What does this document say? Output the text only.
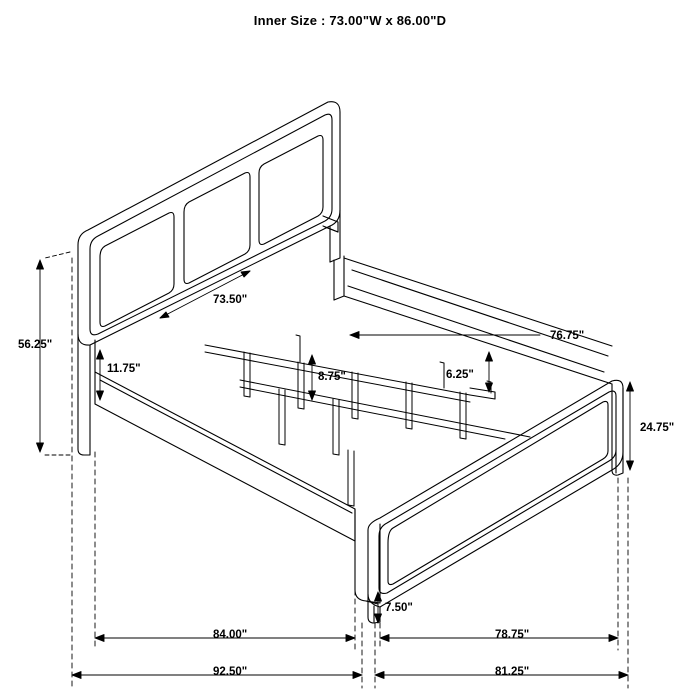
Inner Size : 73.00"W x 86.00"D
73.50"
56.25"
11.75"
76.75"
8.75"	6.25"
24.75"
7.50"
84.00"	78.75"
92.50"	81.25"
